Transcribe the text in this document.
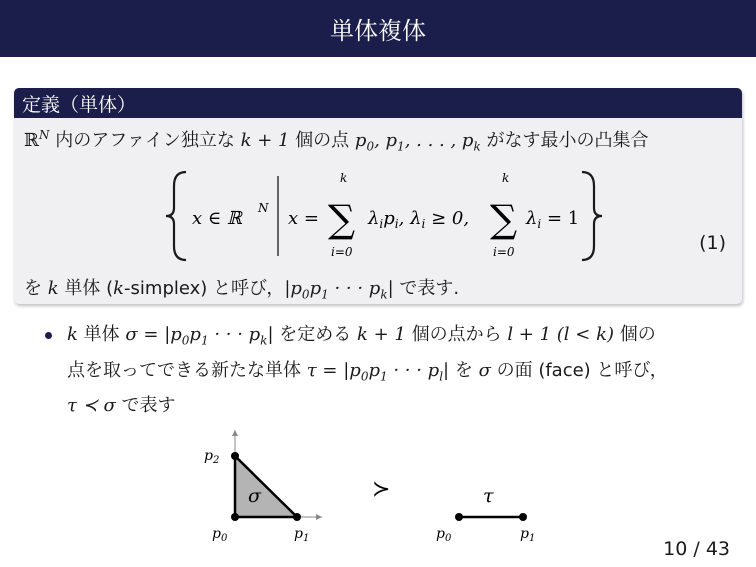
単体複体
定義（単体）
ℝ$^N$ 内のアファイン独立な k + 1 個の点 $p_0$, $p_1$, . . . , $p_k$ がなす最小の凸集合
x ∈ ℝ N x =
k
∑
i=0
$\lambda_ip_i$, $\lambda_i \ge 0$,
k
∑
i=0
$\lambda_i = 1$
(1)
を k 単体 (k-simplex) と呼び，$|p_0p_1$ · · · $p_k|$ で表す.
k 単体 $\sigma = |p_0p_1$ · · · $p_k|$ を定める k + 1 個の点から l + 1 (l < k) 個の
点を取ってできる新たな単体 $\tau = |p_0p_1$ · · · $p_l|$ を σ の面 (face) と呼び，
τ ≺ σ で表す
σ
$p_2$
$p_0$	$p_1$
≻	τ
$p_0$	$p_1$	10 / 43
